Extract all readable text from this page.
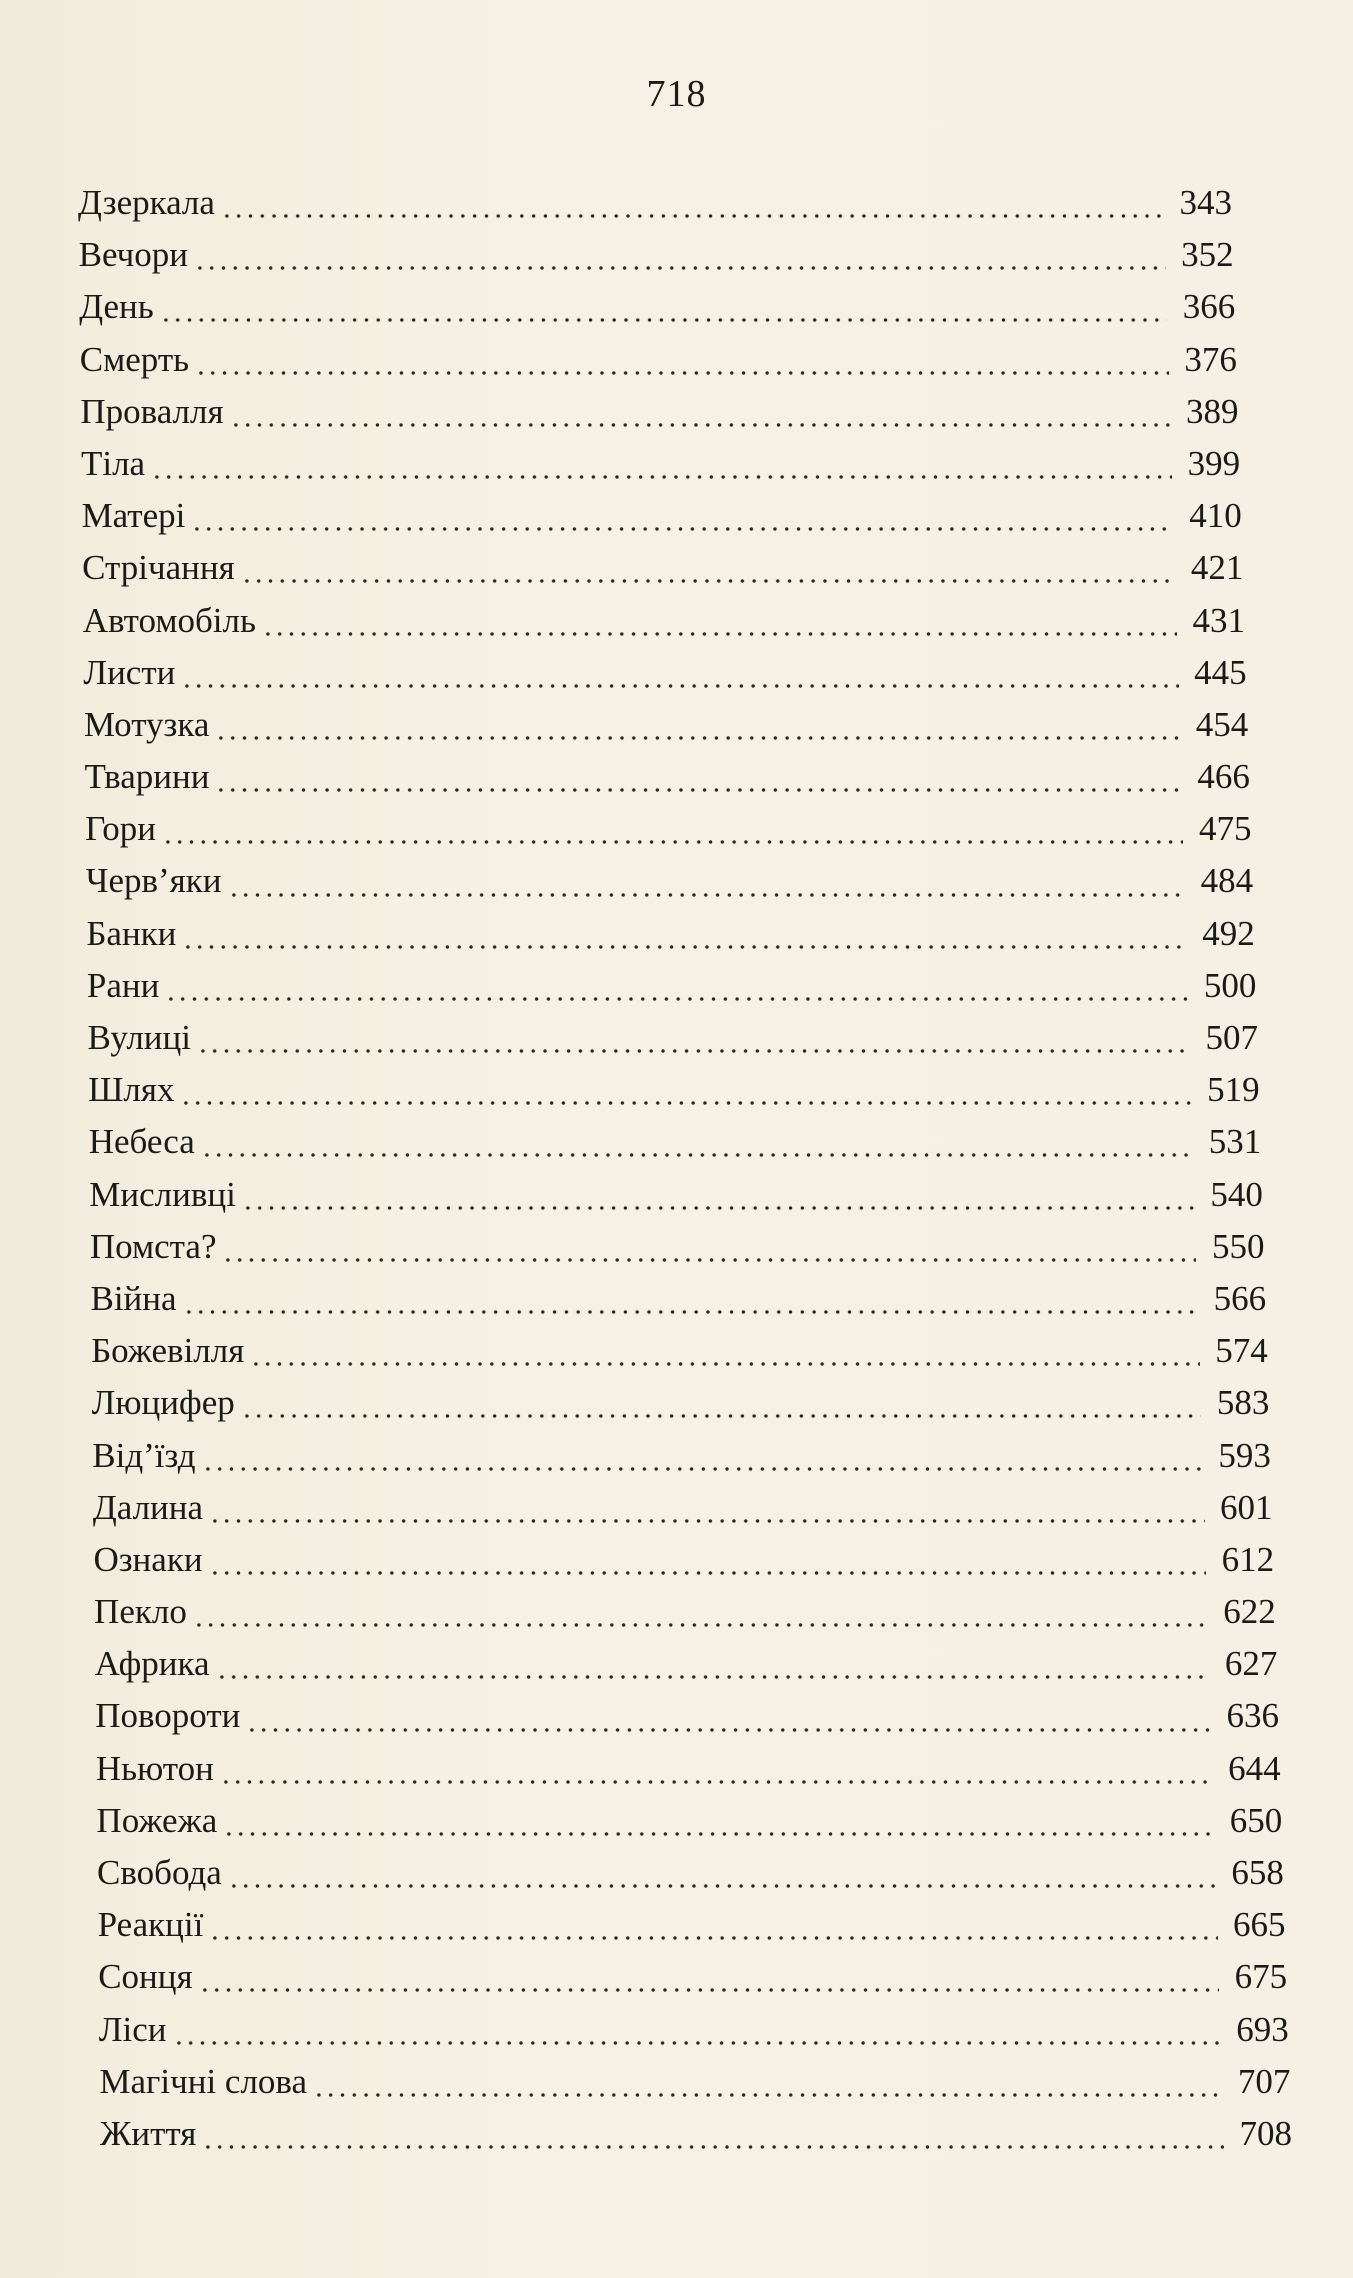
718
Дзеркала	343
Вечори	352
День	366
Смерть	376
Провалля	389
Тіла	399
Матері	410
Стрічання	421
Автомобіль	431
Листи	445
Мотузка	454
Тварини	466
Гори	475
Черв’яки	484
Банки	492
Рани	500
Вулиці	507
Шлях	519
Небеса	531
Мисливці	540
Помста?	550
Війна	566
Божевілля	574
Люцифер	583
Від’їзд	593
Далина	601
Ознаки	612
Пекло	622
Африка	627
Повороти	636
Ньютон	644
Пожежа	650
Свобода	658
Реакції	665
Сонця	675
Ліси	693
Магічні слова	707
Життя	708
